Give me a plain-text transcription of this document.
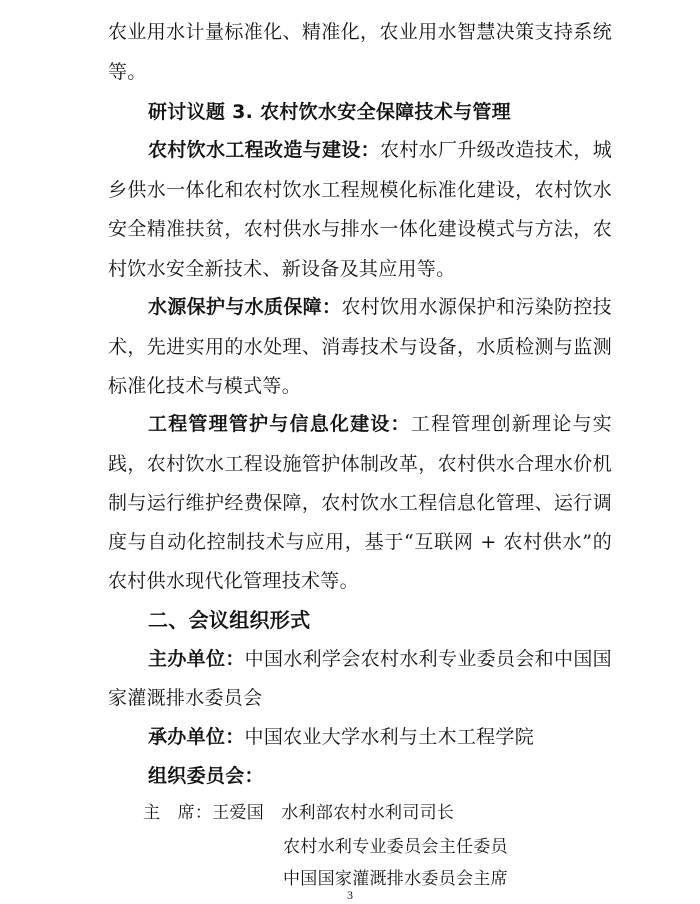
农业用水计量标准化、精准化，农业用水智慧决策支持系统
等。
研讨议题 3. 农村饮水安全保障技术与管理
农村饮水工程改造与建设：农村水厂升级改造技术，城
乡供水一体化和农村饮水工程规模化标准化建设，农村饮水
安全精准扶贫，农村供水与排水一体化建设模式与方法，农
村饮水安全新技术、新设备及其应用等。
水源保护与水质保障：农村饮用水源保护和污染防控技
术，先进实用的水处理、消毒技术与设备，水质检测与监测
标准化技术与模式等。
工程管理管护与信息化建设：工程管理创新理论与实
践，农村饮水工程设施管护体制改革，农村供水合理水价机
制与运行维护经费保障，农村饮水工程信息化管理、运行调
度与自动化控制技术与应用，基于“互联网 + 农村供水”的
农村供水现代化管理技术等。
二、会议组织形式
主办单位：中国水利学会农村水利专业委员会和中国国
家灌溉排水委员会
承办单位：中国农业大学水利与土木工程学院
组织委员会：
主　席：王爱国 水利部农村水利司司长
农村水利专业委员会主任委员
中国国家灌溉排水委员会主席
3
